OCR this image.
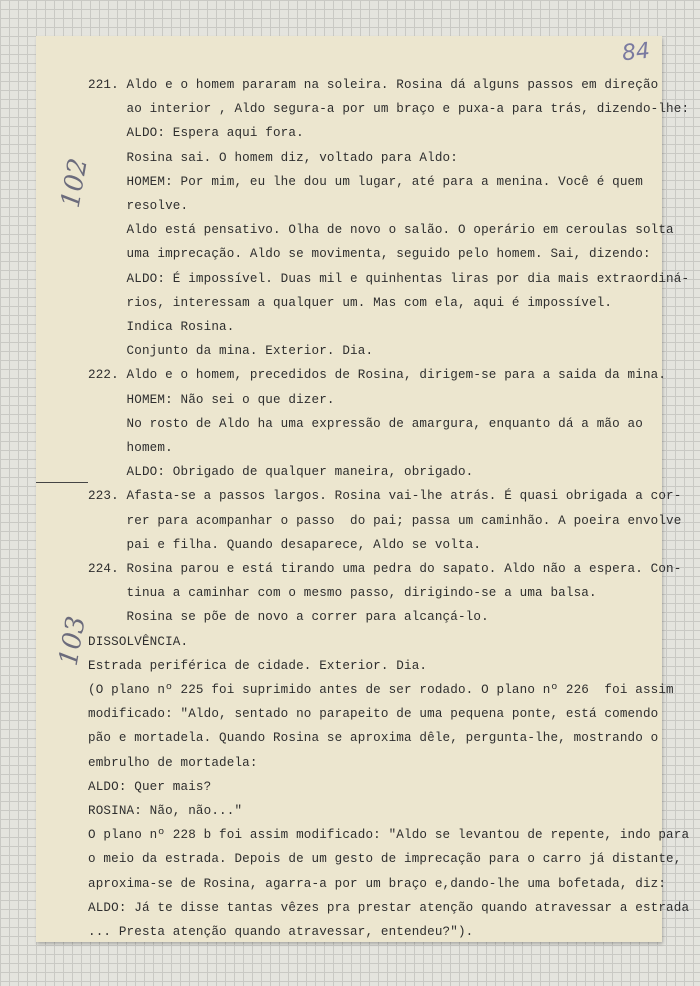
84
102
103
221. Aldo e o homem pararam na soleira. Rosina dá alguns passos em direção
ao interior , Aldo segura-a por um braço e puxa-a para trás, dizendo-lhe:
ALDO: Espera aqui fora.
Rosina sai. O homem diz, voltado para Aldo:
HOMEM: Por mim, eu lhe dou um lugar, até para a menina. Você é quem
resolve.
Aldo está pensativo. Olha de novo o salão. O operário em ceroulas solta
uma imprecação. Aldo se movimenta, seguido pelo homem. Sai, dizendo:
ALDO: É impossível. Duas mil e quinhentas liras por dia mais extraordiná-
rios, interessam a qualquer um. Mas com ela, aqui é impossível.
Indica Rosina.
Conjunto da mina. Exterior. Dia.
222. Aldo e o homem, precedidos de Rosina, dirigem-se para a saida da mina.
HOMEM: Não sei o que dizer.
No rosto de Aldo ha uma expressão de amargura, enquanto dá a mão ao
homem.
ALDO: Obrigado de qualquer maneira, obrigado.
223. Afasta-se a passos largos. Rosina vai-lhe atrás. É quasi obrigada a cor-
rer para acompanhar o passo  do pai; passa um caminhão. A poeira envolve
pai e filha. Quando desaparece, Aldo se volta.
224. Rosina parou e está tirando uma pedra do sapato. Aldo não a espera. Con-
tinua a caminhar com o mesmo passo, dirigindo-se a uma balsa.
Rosina se põe de novo a correr para alcançá-lo.
DISSOLVÊNCIA.
Estrada periférica de cidade. Exterior. Dia.
(O plano nº 225 foi suprimido antes de ser rodado. O plano nº 226  foi assim
modificado: "Aldo, sentado no parapeito de uma pequena ponte, está comendo
pão e mortadela. Quando Rosina se aproxima dêle, pergunta-lhe, mostrando o
embrulho de mortadela:
ALDO: Quer mais?
ROSINA: Não, não..."
O plano nº 228 b foi assim modificado: "Aldo se levantou de repente, indo para
o meio da estrada. Depois de um gesto de imprecação para o carro já distante,
aproxima-se de Rosina, agarra-a por um braço e,dando-lhe uma bofetada, diz:
ALDO: Já te disse tantas vêzes pra prestar atenção quando atravessar a estrada
... Presta atenção quando atravessar, entendeu?").
